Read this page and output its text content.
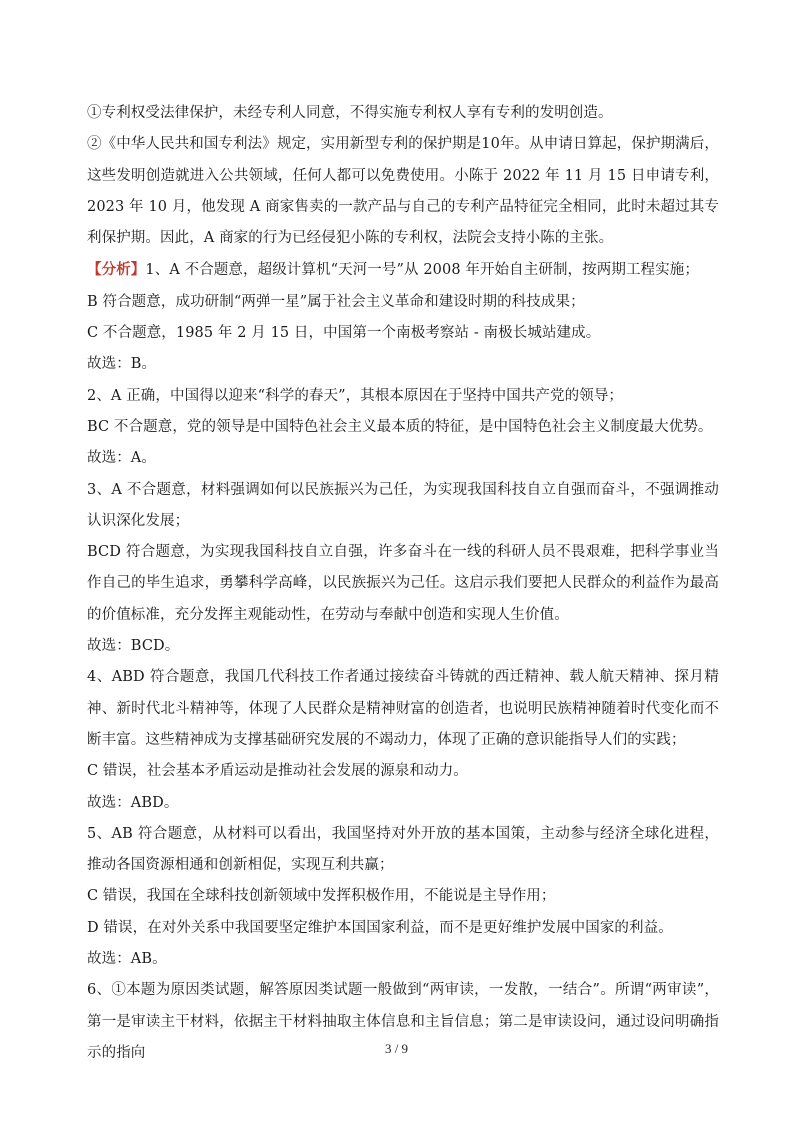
①专利权受法律保护，未经专利人同意，不得实施专利权人享有专利的发明创造。

②《中华人民共和国专利法》规定，实用新型专利的保护期是10年。从申请日算起，保护期满后，这些发明创造就进入公共领域，任何人都可以免费使用。小陈于 2022 年 11 月 15 日申请专利，2023 年 10 月，他发现 A 商家售卖的一款产品与自己的专利产品特征完全相同，此时未超过其专利保护期。因此，A 商家的行为已经侵犯小陈的专利权，法院会支持小陈的主张。

【分析】1、A 不合题意，超级计算机“天河一号”从 2008 年开始自主研制，按两期工程实施；

B 符合题意，成功研制“两弹一星”属于社会主义革命和建设时期的科技成果；

C 不合题意，1985 年 2 月 15 日，中国第一个南极考察站 - 南极长城站建成。

故选：B。

2、A 正确，中国得以迎来“科学的春天”，其根本原因在于坚持中国共产党的领导；

BC 不合题意，党的领导是中国特色社会主义最本质的特征，是中国特色社会主义制度最大优势。

故选：A。

3、A 不合题意，材料强调如何以民族振兴为己任，为实现我国科技自立自强而奋斗，不强调推动认识深化发展；

BCD 符合题意，为实现我国科技自立自强，许多奋斗在一线的科研人员不畏艰难，把科学事业当作自己的毕生追求，勇攀科学高峰，以民族振兴为己任。这启示我们要把人民群众的利益作为最高的价值标准，充分发挥主观能动性，在劳动与奉献中创造和实现人生价值。

故选：BCD。

4、ABD 符合题意，我国几代科技工作者通过接续奋斗铸就的西迁精神、载人航天精神、探月精神、新时代北斗精神等，体现了人民群众是精神财富的创造者，也说明民族精神随着时代变化而不断丰富。这些精神成为支撑基础研究发展的不竭动力，体现了正确的意识能指导人们的实践；

C 错误，社会基本矛盾运动是推动社会发展的源泉和动力。

故选：ABD。

5、AB 符合题意，从材料可以看出，我国坚持对外开放的基本国策，主动参与经济全球化进程，推动各国资源相通和创新相促，实现互利共赢；

C 错误，我国在全球科技创新领域中发挥积极作用，不能说是主导作用；

D 错误，在对外关系中我国要坚定维护本国国家利益，而不是更好维护发展中国家的利益。

故选：AB。

6、①本题为原因类试题，解答原因类试题一般做到“两审读，一发散，一结合”。所谓“两审读”，第一是审读主干材料，依据主干材料抽取主体信息和主旨信息；第二是审读设问，通过设问明确指示的指向	3 / 9
